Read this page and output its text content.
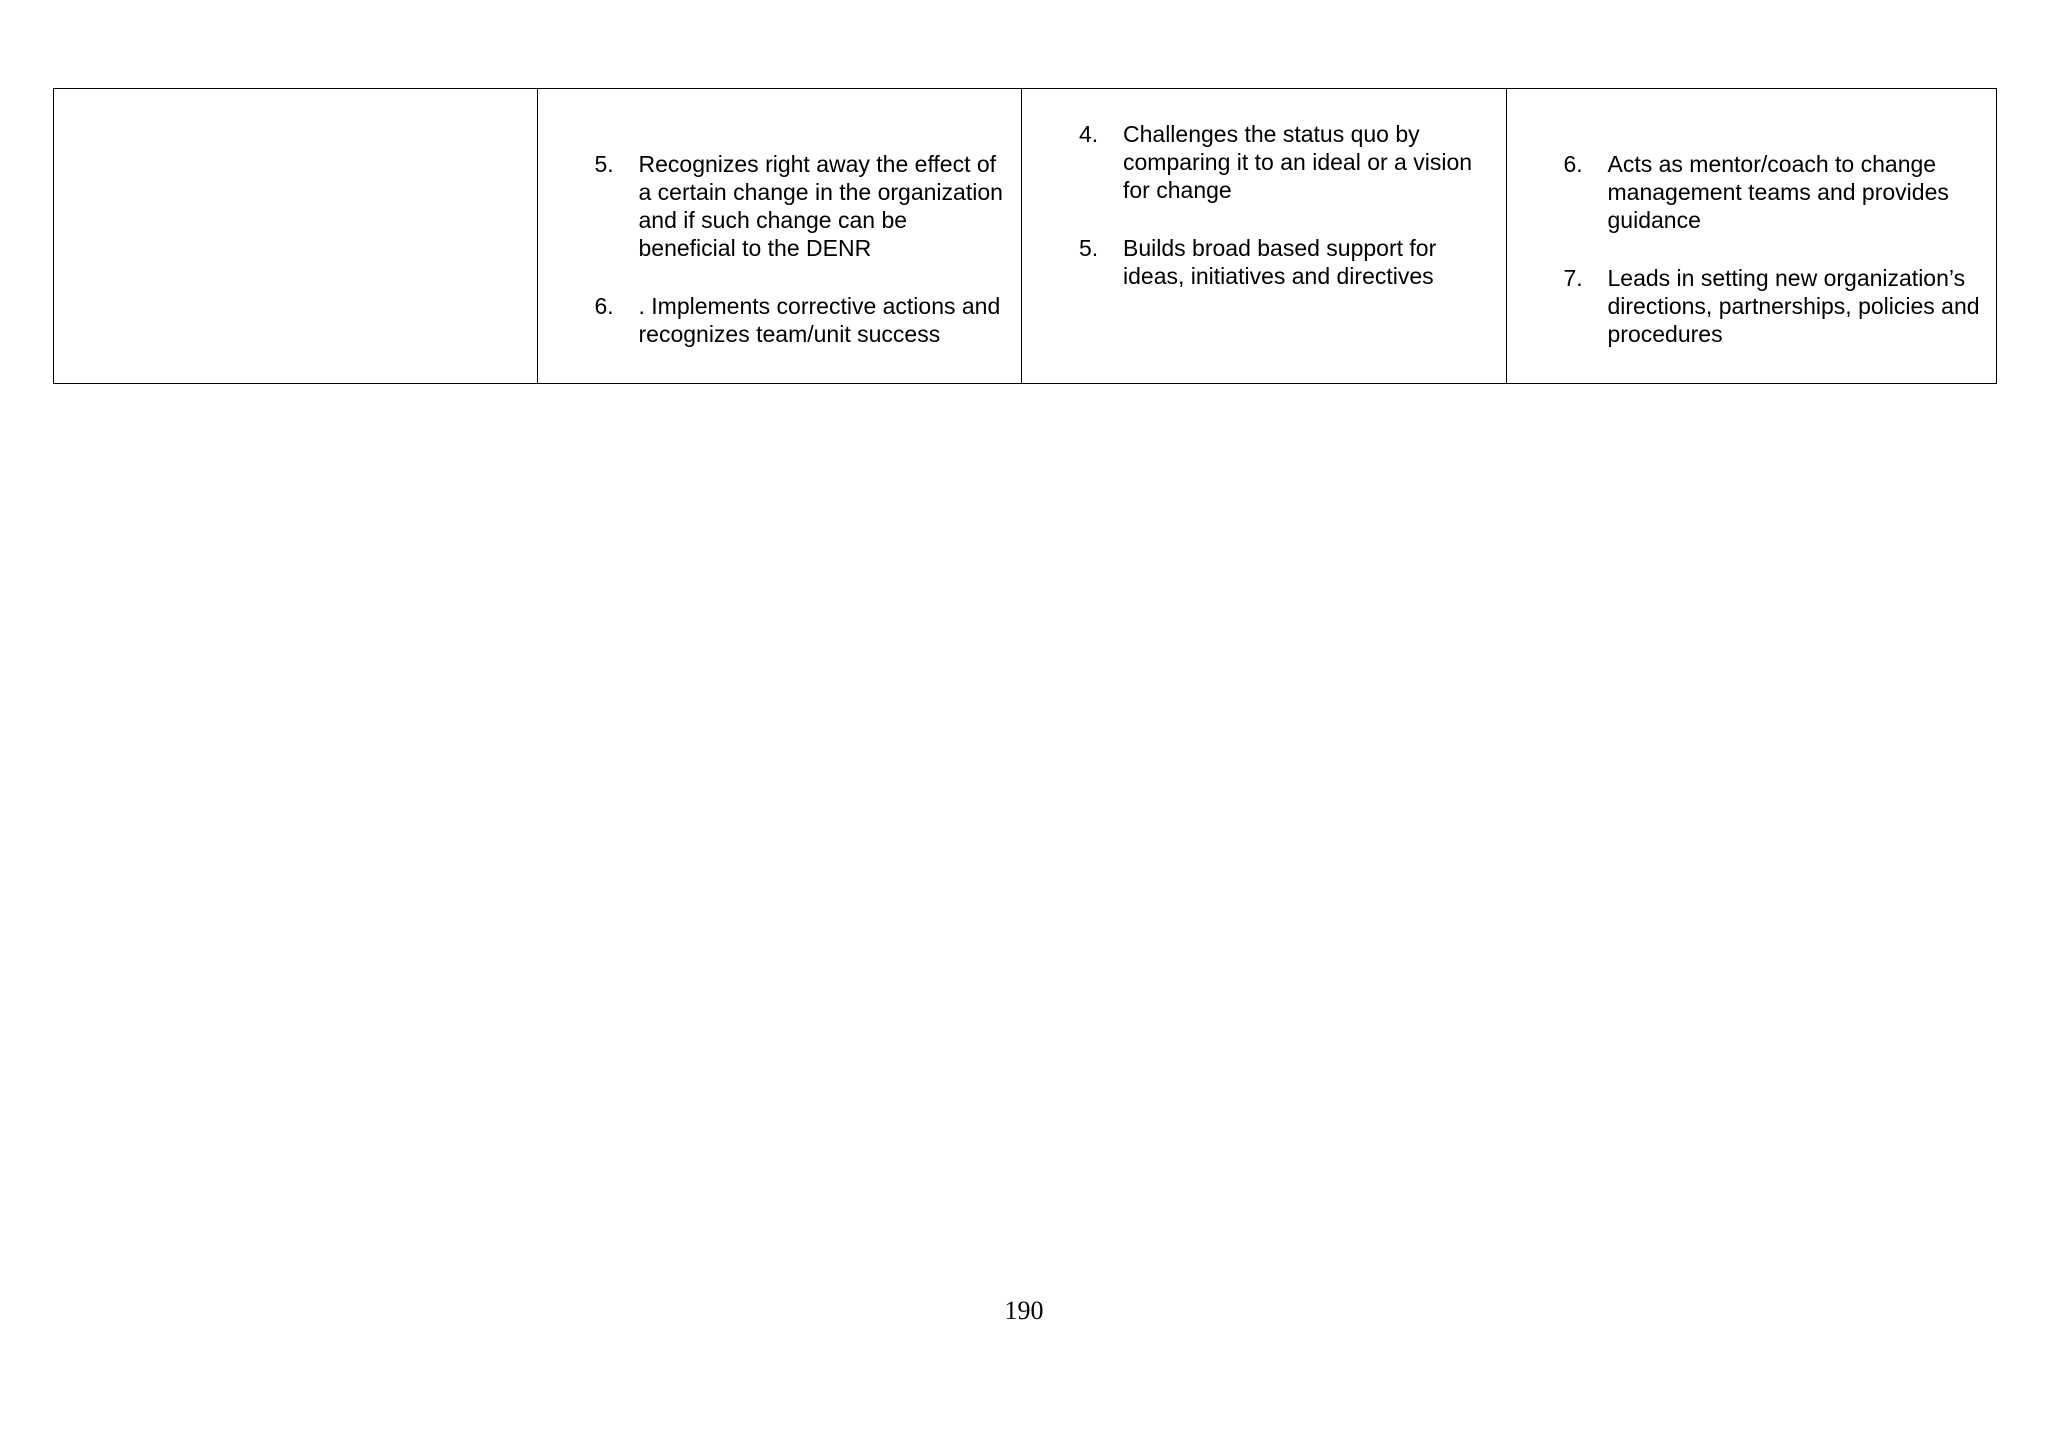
5. Recognizes right away the effect of a certain change in the organization and if such change can be beneficial to the DENR
6. . Implements corrective actions and recognizes team/unit success
4. Challenges the status quo by comparing it to an ideal or a vision for change
5. Builds broad based support for ideas, initiatives and directives
6. Acts as mentor/coach to change management teams and provides guidance
7. Leads in setting new organization’s directions, partnerships, policies and procedures
190
